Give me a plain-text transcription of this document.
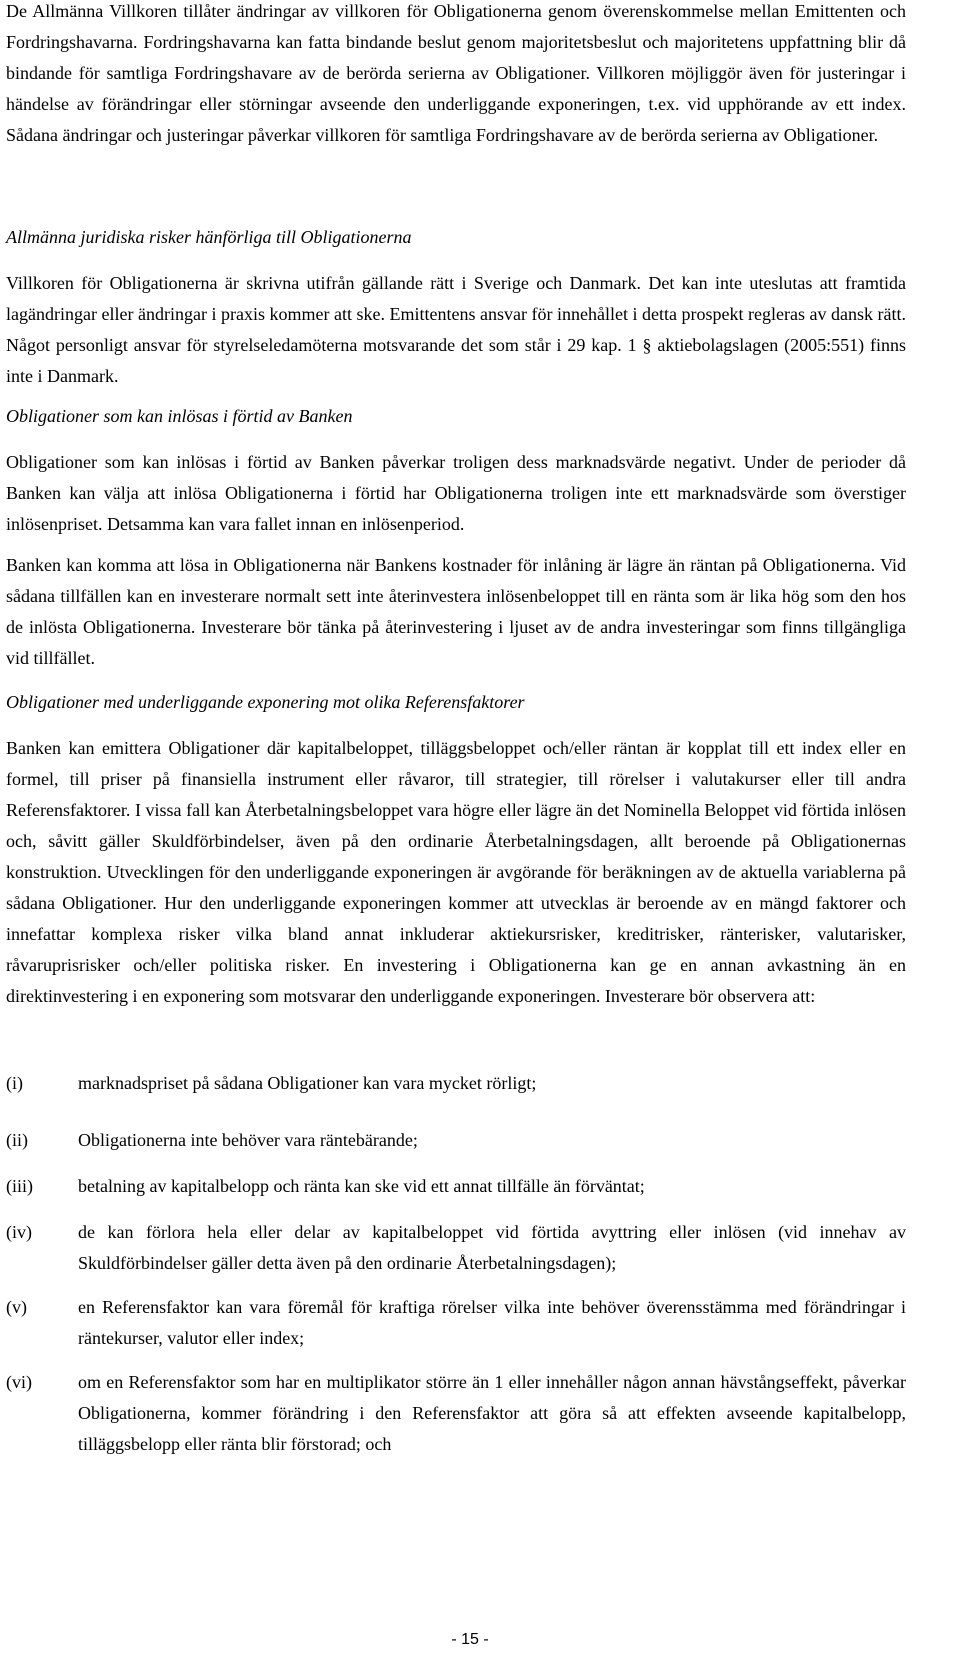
De Allmänna Villkoren tillåter ändringar av villkoren för Obligationerna genom överenskommelse mellan Emittenten och Fordringshavarna. Fordringshavarna kan fatta bindande beslut genom majoritetsbeslut och majoritetens uppfattning blir då bindande för samtliga Fordringshavare av de berörda serierna av Obligationer. Villkoren möjliggör även för justeringar i händelse av förändringar eller störningar avseende den underliggande exponeringen, t.ex. vid upphörande av ett index. Sådana ändringar och justeringar påverkar villkoren för samtliga Fordringshavare av de berörda serierna av Obligationer.

Allmänna juridiska risker hänförliga till Obligationerna

Villkoren för Obligationerna är skrivna utifrån gällande rätt i Sverige och Danmark. Det kan inte uteslutas att framtida lagändringar eller ändringar i praxis kommer att ske. Emittentens ansvar för innehållet i detta prospekt regleras av dansk rätt. Något personligt ansvar för styrelseledamöterna motsvarande det som står i 29 kap. 1 § aktiebolagslagen (2005:551) finns inte i Danmark.

Obligationer som kan inlösas i förtid av Banken

Obligationer som kan inlösas i förtid av Banken påverkar troligen dess marknadsvärde negativt. Under de perioder då Banken kan välja att inlösa Obligationerna i förtid har Obligationerna troligen inte ett marknadsvärde som överstiger inlösenpriset. Detsamma kan vara fallet innan en inlösenperiod.

Banken kan komma att lösa in Obligationerna när Bankens kostnader för inlåning är lägre än räntan på Obligationerna. Vid sådana tillfällen kan en investerare normalt sett inte återinvestera inlösenbeloppet till en ränta som är lika hög som den hos de inlösta Obligationerna. Investerare bör tänka på återinvestering i ljuset av de andra investeringar som finns tillgängliga vid tillfället.

Obligationer med underliggande exponering mot olika Referensfaktorer

Banken kan emittera Obligationer där kapitalbeloppet, tilläggsbeloppet och/eller räntan är kopplat till ett index eller en formel, till priser på finansiella instrument eller råvaror, till strategier, till rörelser i valutakurser eller till andra Referensfaktorer. I vissa fall kan Återbetalningsbeloppet vara högre eller lägre än det Nominella Beloppet vid förtida inlösen och, såvitt gäller Skuldförbindelser, även på den ordinarie Återbetalningsdagen, allt beroende på Obligationernas konstruktion. Utvecklingen för den underliggande exponeringen är avgörande för beräkningen av de aktuella variablerna på sådana Obligationer. Hur den underliggande exponeringen kommer att utvecklas är beroende av en mängd faktorer och innefattar komplexa risker vilka bland annat inkluderar aktiekursrisker, kreditrisker, ränterisker, valutarisker, råvaruprisrisker och/eller politiska risker. En investering i Obligationerna kan ge en annan avkastning än en direktinvestering i en exponering som motsvarar den underliggande exponeringen. Investerare bör observera att:

(i)	marknadspriset på sådana Obligationer kan vara mycket rörligt;
(ii)	Obligationerna inte behöver vara räntebärande;
(iii)	betalning av kapitalbelopp och ränta kan ske vid ett annat tillfälle än förväntat;
(iv)	de kan förlora hela eller delar av kapitalbeloppet vid förtida avyttring eller inlösen (vid innehav av Skuldförbindelser gäller detta även på den ordinarie Återbetalningsdagen);
(v)	en Referensfaktor kan vara föremål för kraftiga rörelser vilka inte behöver överensstämma med förändringar i räntekurser, valutor eller index;
(vi)	om en Referensfaktor som har en multiplikator större än 1 eller innehåller någon annan hävstångseffekt, påverkar Obligationerna, kommer förändring i den Referensfaktor att göra så att effekten avseende kapitalbelopp, tilläggsbelopp eller ränta blir förstorad; och
- 15 -
